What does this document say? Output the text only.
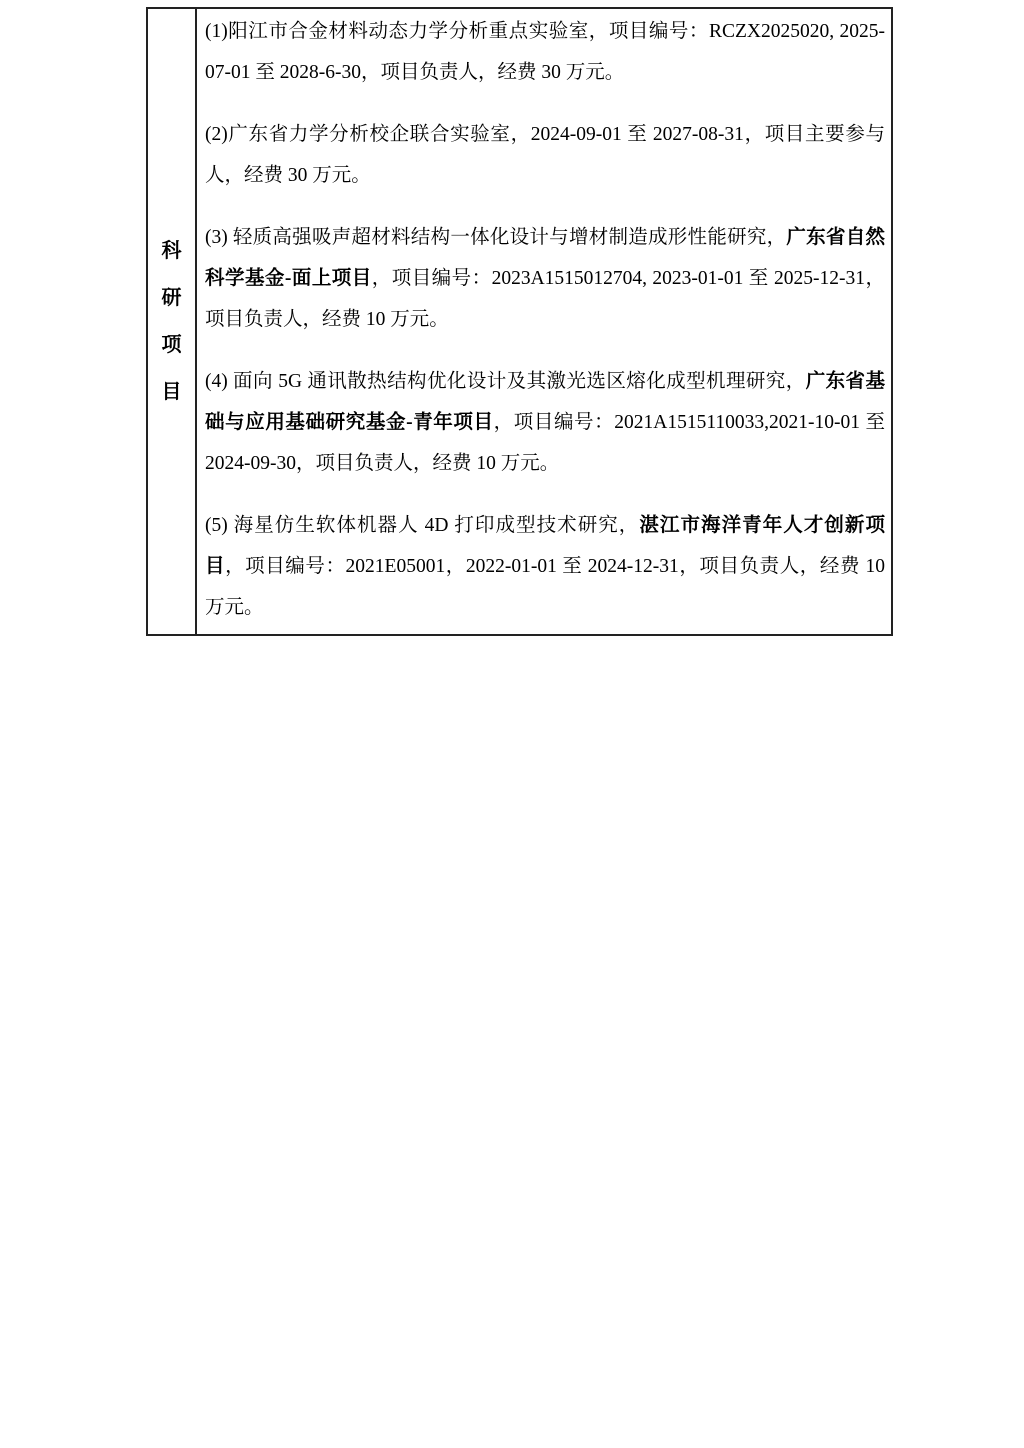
科
研
项
目

(1)阳江市合金材料动态力学分析重点实验室，项目编号：RCZX2025020, 2025-07-01 至 2028-6-30，项目负责人，经费 30 万元。

(2)广东省力学分析校企联合实验室，2024-09-01 至 2027-08-31，项目主要参与人，经费 30 万元。

(3) 轻质高强吸声超材料结构一体化设计与增材制造成形性能研究，广东省自然科学基金-面上项目，项目编号：2023A1515012704, 2023-01-01 至 2025-12-31，项目负责人，经费 10 万元。

(4) 面向 5G 通讯散热结构优化设计及其激光选区熔化成型机理研究，广东省基础与应用基础研究基金-青年项目，项目编号：2021A1515110033,2021-10-01 至 2024-09-30，项目负责人，经费 10 万元。

(5) 海星仿生软体机器人 4D 打印成型技术研究，湛江市海洋青年人才创新项目，项目编号：2021E05001，2022-01-01 至 2024-12-31，项目负责人，经费 10 万元。
